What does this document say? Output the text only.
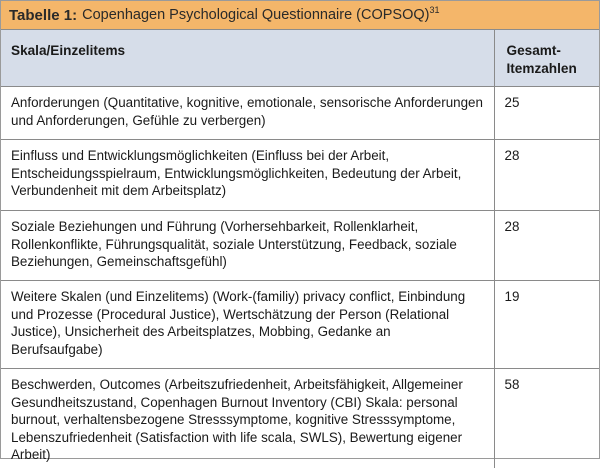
Tabelle 1: Copenhagen Psychological Questionnaire (COPSOQ)$^{31}$
Skala/Einzelitems	Gesamt-
Itemzahlen
Anforderungen (Quantitative, kognitive, emotionale, sensorische Anforderungen und Anforderungen, Gefühle zu verbergen)	25
Einfluss und Entwicklungsmöglichkeiten (Einfluss bei der Arbeit, Entscheidungsspielraum, Entwicklungsmöglichkeiten, Bedeutung der Arbeit, Verbundenheit mit dem Arbeitsplatz)	28
Soziale Beziehungen und Führung (Vorhersehbarkeit, Rollenklarheit, Rollenkonflikte, Führungsqualität, soziale Unterstützung, Feedback, soziale Beziehungen, Gemeinschaftsgefühl)	28
Weitere Skalen (und Einzelitems) (Work-(familiy) privacy conflict, Einbindung und Prozesse (Procedural Justice), Wertschätzung der Person (Relational Justice), Unsicherheit des Arbeitsplatzes, Mobbing, Gedanke an Berufsaufgabe)	19
Beschwerden, Outcomes (Arbeitszufriedenheit, Arbeitsfähigkeit, Allgemeiner Gesundheitszustand, Copenhagen Burnout Inventory (CBI) Skala: personal burnout, verhaltensbezogene Stresssymptome, kognitive Stresssymptome, Lebenszufriedenheit (Satisfaction with life scala, SWLS), Bewertung eigener Arbeit)	58
